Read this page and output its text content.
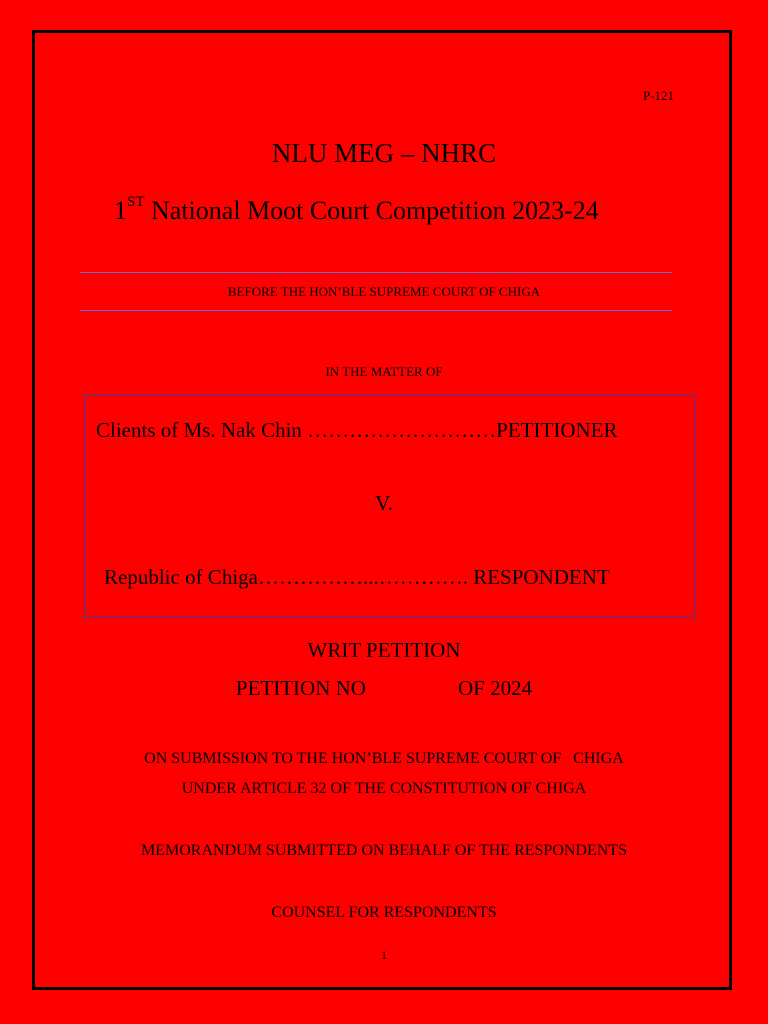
P-121
NLU MEG – NHRC
1ST National Moot Court Competition 2023-24
BEFORE THE HON’BLE SUPREME COURT OF CHIGA
IN THE MATTER OF
Clients of Ms. Nak Chin ………………………PETITIONER
V.
Republic of Chiga……………...…………. RESPONDENT
WRIT PETITION
PETITION NO	OF 2024
ON SUBMISSION TO THE HON’BLE SUPREME COURT OF   CHIGA
UNDER ARTICLE 32 OF THE CONSTITUTION OF CHIGA
MEMORANDUM SUBMITTED ON BEHALF OF THE RESPONDENTS
COUNSEL FOR RESPONDENTS
1
